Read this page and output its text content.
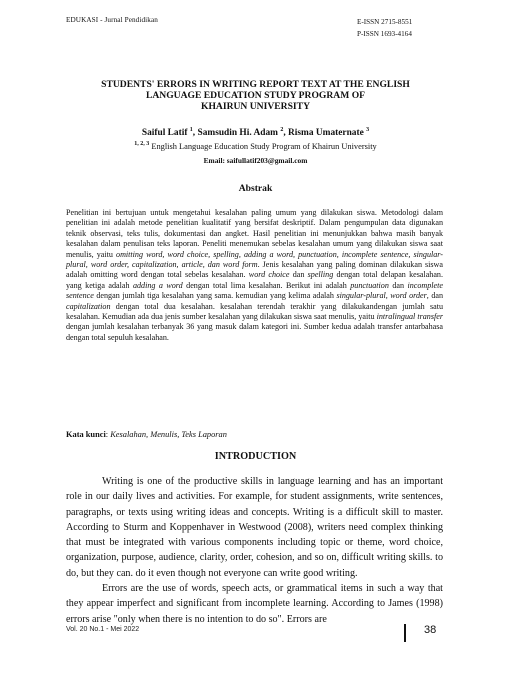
EDUKASI - Jurnal Pendidikan	E-ISSN 2715-8551
P-ISSN 1693-4164
STUDENTS' ERRORS IN WRITING REPORT TEXT AT THE ENGLISH
LANGUAGE EDUCATION STUDY PROGRAM OF
KHAIRUN UNIVERSITY
Saiful Latif $^1$, Samsudin Hi. Adam $^2$, Risma Umaternate $^3$
$^{1, 2, 3}$ English Language Education Study Program of Khairun University
Email: saifullatif203@gmail.com
Abstrak
Penelitian ini bertujuan untuk mengetahui kesalahan paling umum yang dilakukan siswa. Metodologi dalam penelitian ini adalah metode penelitian kualitatif yang bersifat deskriptif. Dalam pengumpulan data digunakan teknik observasi, teks tulis, dokumentasi dan angket. Hasil penelitian ini menunjukkan bahwa masih banyak kesalahan dalam penulisan teks laporan. Peneliti menemukan sebelas kesalahan umum yang dilakukan siswa saat menulis, yaitu omitting word, word choice, spelling, adding a word, punctuation, incomplete sentence, singular-plural, word order, capitalization, article, dan word form. Jenis kesalahan yang paling dominan dilakukan siswa adalah omitting word dengan total sebelas kesalahan. word choice dan spelling dengan total delapan kesalahan. yang ketiga adalah adding a word dengan total lima kesalahan. Berikut ini adalah punctuation dan incomplete sentence dengan jumlah tiga kesalahan yang sama. kemudian yang kelima adalah singular-plural, word order, dan capitalization dengan total dua kesalahan. kesalahan terendah terakhir yang dilakukandengan jumlah satu kesalahan. Kemudian ada dua jenis sumber kesalahan yang dilakukan siswa saat menulis, yaitu intralingual transfer dengan jumlah kesalahan terbanyak 36 yang masuk dalam kategori ini. Sumber kedua adalah transfer antarbahasa dengan total sepuluh kesalahan.
Kata kunci: Kesalahan, Menulis, Teks Laporan
INTRODUCTION

Writing is one of the productive skills in language learning and has an important role in our daily lives and activities. For example, for student assignments, write sentences, paragraphs, or texts using writing ideas and concepts. Writing is a difficult skill to master. According to Sturm and Koppenhaver in Westwood (2008), writers need complex thinking that must be integrated with various components including topic or theme, word choice, organization, purpose, audience, clarity, order, cohesion, and so on, difficult writing skills. to do, but they can. do it even though not everyone can write good writing.

Errors are the use of words, speech acts, or grammatical items in such a way that they appear imperfect and significant from incomplete learning. According to James (1998) errors arise "only when there is no intention to do so". Errors are

Vol. 20 No.1 - Mei 2022	38
